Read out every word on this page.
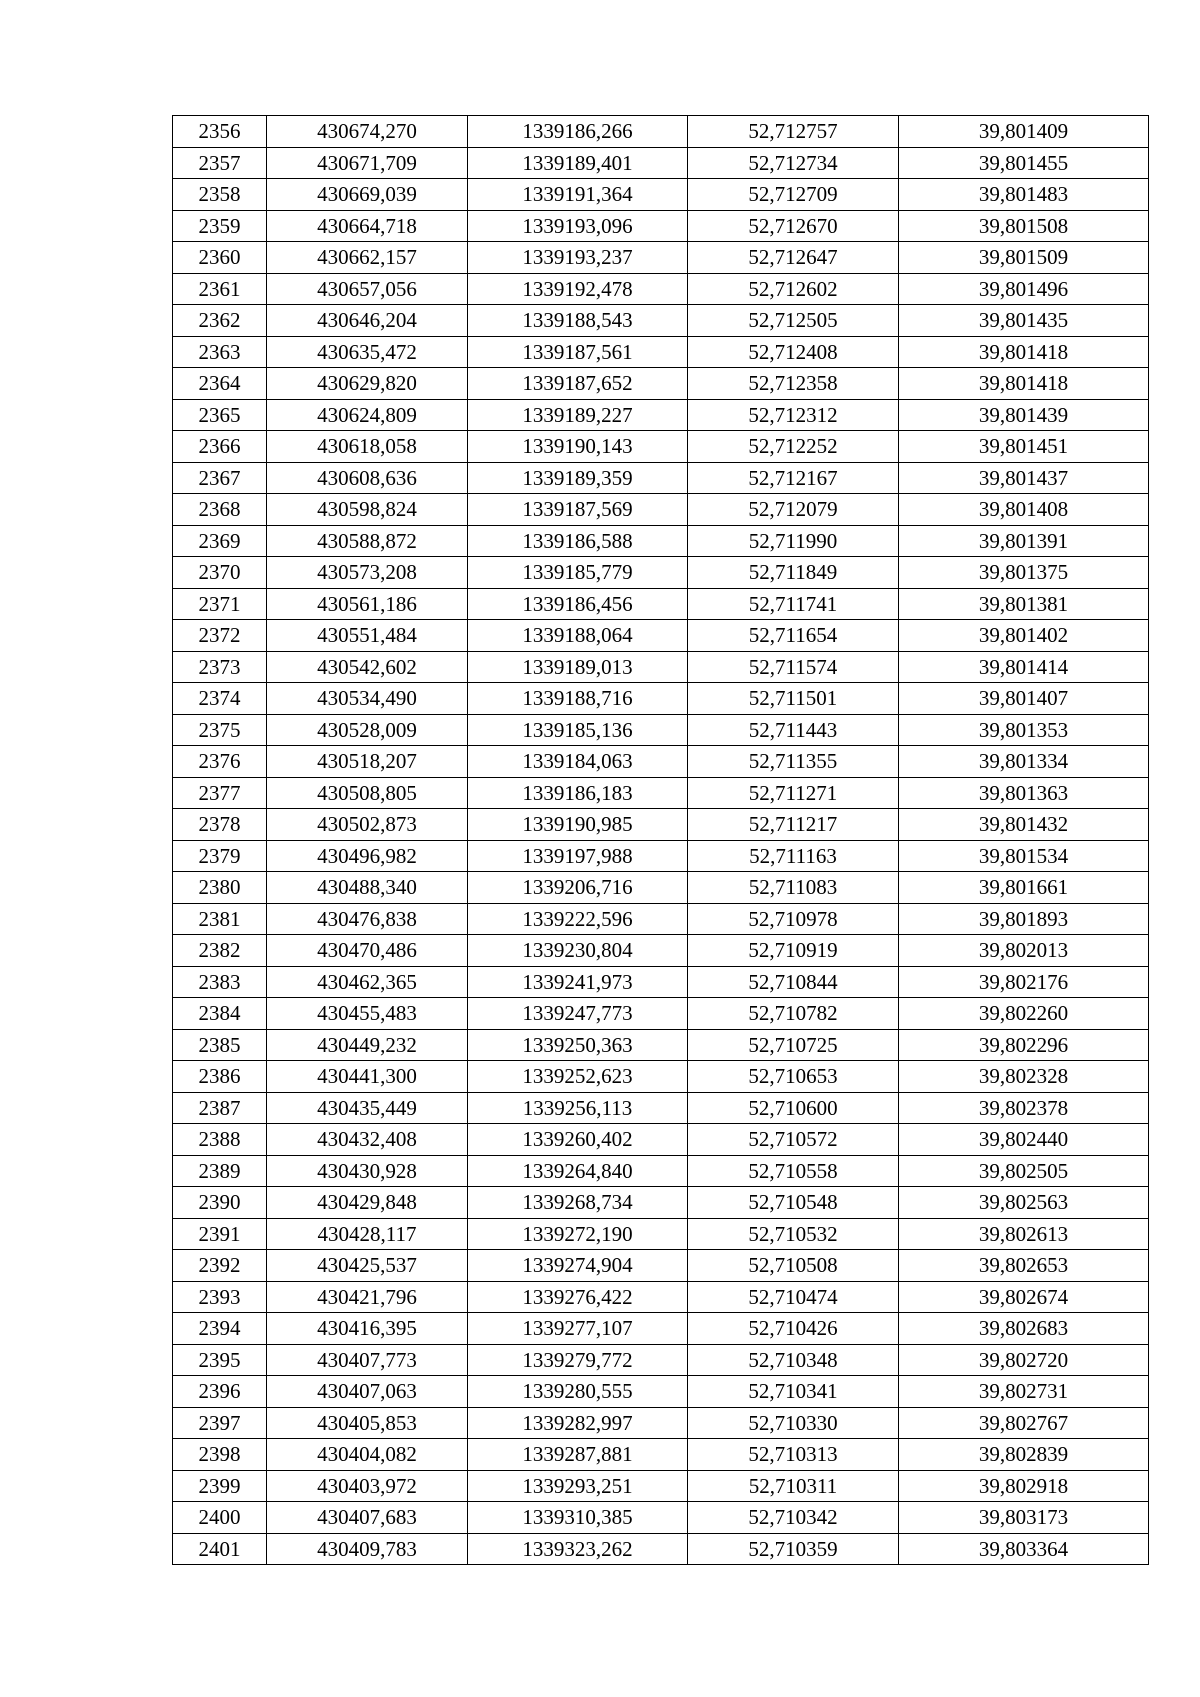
2356	430674,270	1339186,266	52,712757	39,801409
2357	430671,709	1339189,401	52,712734	39,801455
2358	430669,039	1339191,364	52,712709	39,801483
2359	430664,718	1339193,096	52,712670	39,801508
2360	430662,157	1339193,237	52,712647	39,801509
2361	430657,056	1339192,478	52,712602	39,801496
2362	430646,204	1339188,543	52,712505	39,801435
2363	430635,472	1339187,561	52,712408	39,801418
2364	430629,820	1339187,652	52,712358	39,801418
2365	430624,809	1339189,227	52,712312	39,801439
2366	430618,058	1339190,143	52,712252	39,801451
2367	430608,636	1339189,359	52,712167	39,801437
2368	430598,824	1339187,569	52,712079	39,801408
2369	430588,872	1339186,588	52,711990	39,801391
2370	430573,208	1339185,779	52,711849	39,801375
2371	430561,186	1339186,456	52,711741	39,801381
2372	430551,484	1339188,064	52,711654	39,801402
2373	430542,602	1339189,013	52,711574	39,801414
2374	430534,490	1339188,716	52,711501	39,801407
2375	430528,009	1339185,136	52,711443	39,801353
2376	430518,207	1339184,063	52,711355	39,801334
2377	430508,805	1339186,183	52,711271	39,801363
2378	430502,873	1339190,985	52,711217	39,801432
2379	430496,982	1339197,988	52,711163	39,801534
2380	430488,340	1339206,716	52,711083	39,801661
2381	430476,838	1339222,596	52,710978	39,801893
2382	430470,486	1339230,804	52,710919	39,802013
2383	430462,365	1339241,973	52,710844	39,802176
2384	430455,483	1339247,773	52,710782	39,802260
2385	430449,232	1339250,363	52,710725	39,802296
2386	430441,300	1339252,623	52,710653	39,802328
2387	430435,449	1339256,113	52,710600	39,802378
2388	430432,408	1339260,402	52,710572	39,802440
2389	430430,928	1339264,840	52,710558	39,802505
2390	430429,848	1339268,734	52,710548	39,802563
2391	430428,117	1339272,190	52,710532	39,802613
2392	430425,537	1339274,904	52,710508	39,802653
2393	430421,796	1339276,422	52,710474	39,802674
2394	430416,395	1339277,107	52,710426	39,802683
2395	430407,773	1339279,772	52,710348	39,802720
2396	430407,063	1339280,555	52,710341	39,802731
2397	430405,853	1339282,997	52,710330	39,802767
2398	430404,082	1339287,881	52,710313	39,802839
2399	430403,972	1339293,251	52,710311	39,802918
2400	430407,683	1339310,385	52,710342	39,803173
2401	430409,783	1339323,262	52,710359	39,803364
